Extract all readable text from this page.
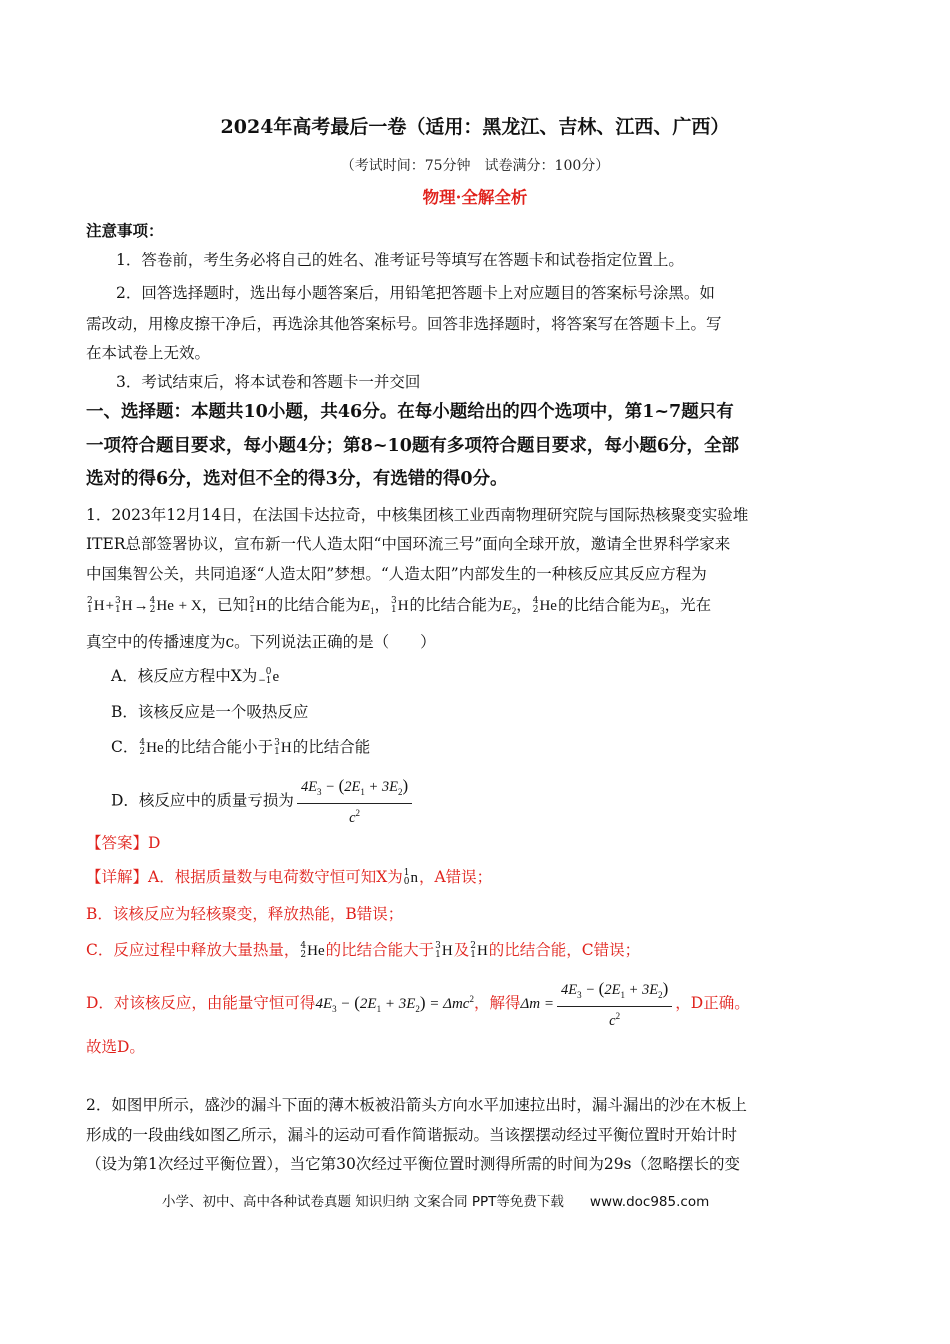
2024年高考最后一卷（适用：黑龙江、吉林、江西、广西）
（考试时间：75分钟　试卷满分：100分）
物理·全解全析
注意事项：
1．答卷前，考生务必将自己的姓名、准考证号等填写在答题卡和试卷指定位置上。
2．回答选择题时，选出每小题答案后，用铅笔把答题卡上对应题目的答案标号涂黑。如
需改动，用橡皮擦干净后，再选涂其他答案标号。回答非选择题时，将答案写在答题卡上。写
在本试卷上无效。
3．考试结束后，将本试卷和答题卡一并交回
一、选择题：本题共10小题，共46分。在每小题给出的四个选项中，第1~7题只有
一项符合题目要求，每小题4分；第8~10题有多项符合题目要求，每小题6分，全部
选对的得6分，选对但不全的得3分，有选错的得0分。
1．2023年12月14日，在法国卡达拉奇，中核集团核工业西南物理研究院与国际热核聚变实验堆
ITER总部签署协议，宣布新一代人造太阳“中国环流三号”面向全球开放，邀请全世界科学家来
中国集智公关，共同追逐“人造太阳”梦想。“人造太阳”内部发生的一种核反应其反应方程为
2
1 H+ 3
1 H→ 4
2 He + X，已知 2
1 H的比结合能为$E_1$， 3
1 H的比结合能为$E_2$， 4
2 He的比结合能为$E_3$，光在
真空中的传播速度为c。下列说法正确的是（　　）
A．核反应方程中X为 0
−1 e
B．该核反应是一个吸热反应
C． 4
2 He的比结合能小于 3
1 H的比结合能
D．核反应中的质量亏损为 $\frac{4E_3 - (2E_1 + 3E_2)}{c^2}$
【答案】D
【详解】A．根据质量数与电荷数守恒可知X为 1
0 n，A错误；
B．该核反应为轻核聚变，释放热能，B错误；
C．反应过程中释放大量热量， 4
2 He的比结合能大于 3
1 H及 2
1 H的比结合能，C错误；
D．对该核反应，由能量守恒可得$4E_3 - (2E_1 + 3E_2) = \Delta mc^2$，解得$\Delta m = \frac{4E_3 - (2E_1 + 3E_2)}{c^2}$ ，D正确。
故选D。
2．如图甲所示，盛沙的漏斗下面的薄木板被沿箭头方向水平加速拉出时，漏斗漏出的沙在木板上
形成的一段曲线如图乙所示，漏斗的运动可看作简谐振动。当该摆摆动经过平衡位置时开始计时
（设为第1次经过平衡位置），当它第30次经过平衡位置时测得所需的时间为29s（忽略摆长的变
小学、初中、高中各种试卷真题 知识归纳 文案合同 PPT等免费下载 www.doc985.com
